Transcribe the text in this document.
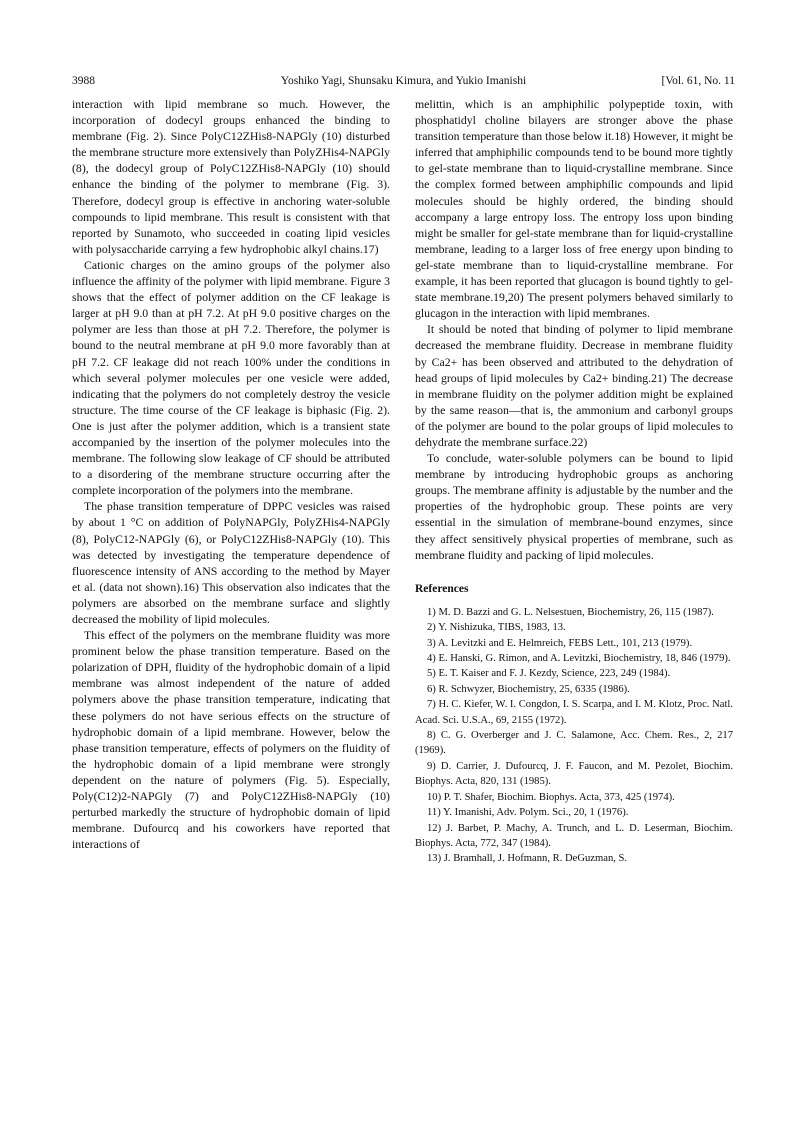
3988	Yoshiko Yagi, Shunsaku Kimura, and Yukio Imanishi	[Vol. 61, No. 11

interaction with lipid membrane so much. However, the incorporation of dodecyl groups enhanced the binding to membrane (Fig. 2). Since PolyC12ZHis8-NAPGly (10) disturbed the membrane structure more extensively than PolyZHis4-NAPGly (8), the dodecyl group of PolyC12ZHis8-NAPGly (10) should enhance the binding of the polymer to membrane (Fig. 3). Therefore, dodecyl group is effective in anchoring water-soluble compounds to lipid membrane. This result is consistent with that reported by Sunamoto, who succeeded in coating lipid vesicles with polysaccharide carrying a few hydrophobic alkyl chains.17)

Cationic charges on the amino groups of the polymer also influence the affinity of the polymer with lipid membrane. Figure 3 shows that the effect of polymer addition on the CF leakage is larger at pH 9.0 than at pH 7.2. At pH 9.0 positive charges on the polymer are less than those at pH 7.2. Therefore, the polymer is bound to the neutral membrane at pH 9.0 more favorably than at pH 7.2. CF leakage did not reach 100% under the conditions in which several polymer molecules per one vesicle were added, indicating that the polymers do not completely destroy the vesicle structure. The time course of the CF leakage is biphasic (Fig. 2). One is just after the polymer addition, which is a transient state accompanied by the insertion of the polymer molecules into the membrane. The following slow leakage of CF should be attributed to a disordering of the membrane structure occurring after the complete incorporation of the polymers into the membrane.

The phase transition temperature of DPPC vesicles was raised by about 1 °C on addition of PolyNAPGly, PolyZHis4-NAPGly (8), PolyC12-NAPGly (6), or PolyC12ZHis8-NAPGly (10). This was detected by investigating the temperature dependence of fluorescence intensity of ANS according to the method by Mayer et al. (data not shown).16) This observation also indicates that the polymers are absorbed on the membrane surface and slightly decreased the mobility of lipid molecules.

This effect of the polymers on the membrane fluidity was more prominent below the phase transition temperature. Based on the polarization of DPH, fluidity of the hydrophobic domain of a lipid membrane was almost independent of the nature of added polymers above the phase transition temperature, indicating that these polymers do not have serious effects on the structure of hydrophobic domain of a lipid membrane. However, below the phase transition temperature, effects of polymers on the fluidity of the hydrophobic domain of a lipid membrane were strongly dependent on the nature of polymers (Fig. 5). Especially, Poly(C12)2-NAPGly (7) and PolyC12ZHis8-NAPGly (10) perturbed markedly the structure of hydrophobic domain of lipid membrane. Dufourcq and his coworkers have reported that interactions of

melittin, which is an amphiphilic polypeptide toxin, with phosphatidyl choline bilayers are stronger above the phase transition temperature than those below it.18) However, it might be inferred that amphiphilic compounds tend to be bound more tightly to gel-state membrane than to liquid-crystalline membrane. Since the complex formed between amphiphilic compounds and lipid molecules should be highly ordered, the binding should accompany a large entropy loss. The entropy loss upon binding might be smaller for gel-state membrane than for liquid-crystalline membrane, leading to a larger loss of free energy upon binding to gel-state membrane than to liquid-crystalline membrane. For example, it has been reported that glucagon is bound tightly to gel-state membrane.19,20) The present polymers behaved similarly to glucagon in the interaction with lipid membranes.

It should be noted that binding of polymer to lipid membrane decreased the membrane fluidity. Decrease in membrane fluidity by Ca2+ has been observed and attributed to the dehydration of head groups of lipid molecules by Ca2+ binding.21) The decrease in membrane fluidity on the polymer addition might be explained by the same reason—that is, the ammonium and carbonyl groups of the polymer are bound to the polar groups of lipid molecules to dehydrate the membrane surface.22)

To conclude, water-soluble polymers can be bound to lipid membrane by introducing hydrophobic groups as anchoring groups. The membrane affinity is adjustable by the number and the properties of the hydrophobic group. These points are very essential in the simulation of membrane-bound enzymes, since they affect sensitively physical properties of membrane, such as membrane fluidity and packing of lipid molecules.

References
1) M. D. Bazzi and G. L. Nelsestuen, Biochemistry, 26, 115 (1987).
2) Y. Nishizuka, TIBS, 1983, 13.
3) A. Levitzki and E. Helmreich, FEBS Lett., 101, 213 (1979).
4) E. Hanski, G. Rimon, and A. Levitzki, Biochemistry, 18, 846 (1979).
5) E. T. Kaiser and F. J. Kezdy, Science, 223, 249 (1984).
6) R. Schwyzer, Biochemistry, 25, 6335 (1986).
7) H. C. Kiefer, W. I. Congdon, I. S. Scarpa, and I. M. Klotz, Proc. Natl. Acad. Sci. U.S.A., 69, 2155 (1972).
8) C. G. Overberger and J. C. Salamone, Acc. Chem. Res., 2, 217 (1969).
9) D. Carrier, J. Dufourcq, J. F. Faucon, and M. Pezolet, Biochim. Biophys. Acta, 820, 131 (1985).
10) P. T. Shafer, Biochim. Biophys. Acta, 373, 425 (1974).
11) Y. Imanishi, Adv. Polym. Sci., 20, 1 (1976).
12) J. Barbet, P. Machy, A. Trunch, and L. D. Leserman, Biochim. Biophys. Acta, 772, 347 (1984).
13) J. Bramhall, J. Hofmann, R. DeGuzman, S.
